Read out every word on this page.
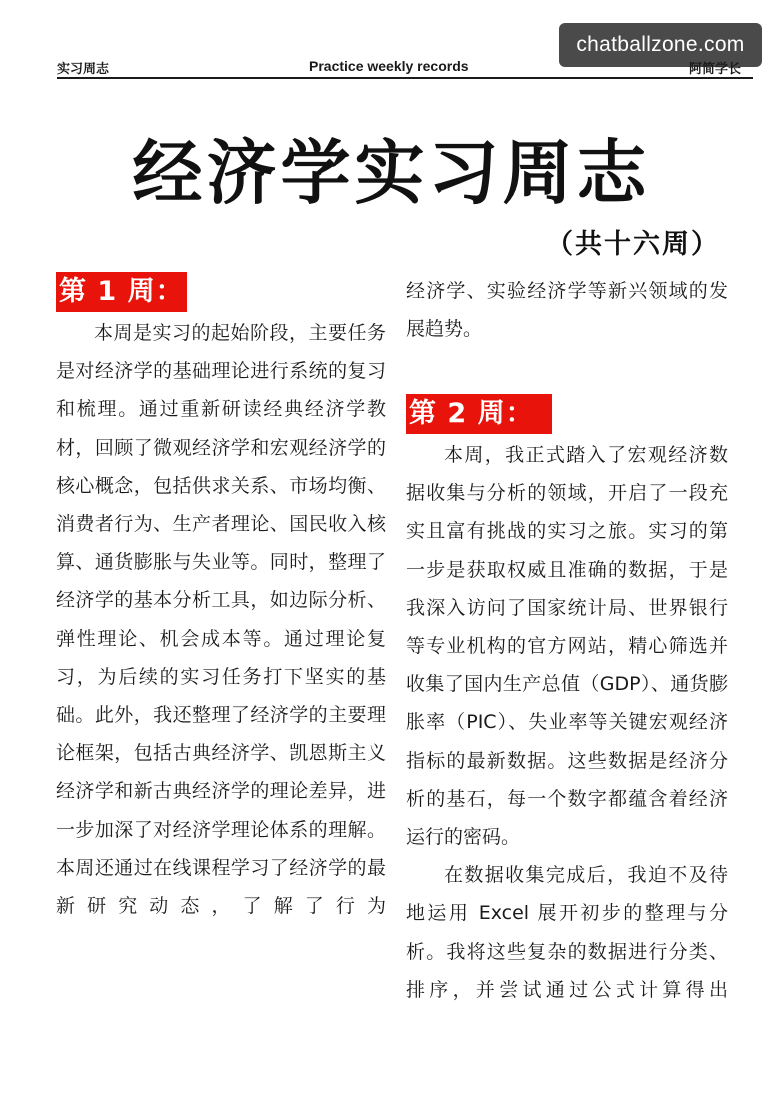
chatballzone.com
实习周志	Practice weekly records	阿简学长
经济学实习周志
（共十六周）
第 1 周：

本周是实习的起始阶段，主要任务是对经济学的基础理论进行系统的复习和梳理。通过重新研读经典经济学教材，回顾了微观经济学和宏观经济学的核心概念，包括供求关系、市场均衡、消费者行为、生产者理论、国民收入核算、通货膨胀与失业等。同时，整理了经济学的基本分析工具，如边际分析、弹性理论、机会成本等。通过理论复习，为后续的实习任务打下坚实的基础。此外，我还整理了经济学的主要理论框架，包括古典经济学、凯恩斯主义经济学和新古典经济学的理论差异，进一步加深了对经济学理论体系的理解。本周还通过在线课程学习了经济学的最新研究动态，了解了行为

经济学、实验经济学等新兴领域的发展趋势。

第 2 周：

本周，我正式踏入了宏观经济数据收集与分析的领域，开启了一段充实且富有挑战的实习之旅。实习的第一步是获取权威且准确的数据，于是我深入访问了国家统计局、世界银行等专业机构的官方网站，精心筛选并收集了国内生产总值（GDP）、通货膨胀率（PIC）、失业率等关键宏观经济指标的最新数据。这些数据是经济分析的基石，每一个数字都蕴含着经济运行的密码。

在数据收集完成后，我迫不及待地运用 Excel 展开初步的整理与分析。我将这些复杂的数据进行分类、排序，并尝试通过公式计算得出
